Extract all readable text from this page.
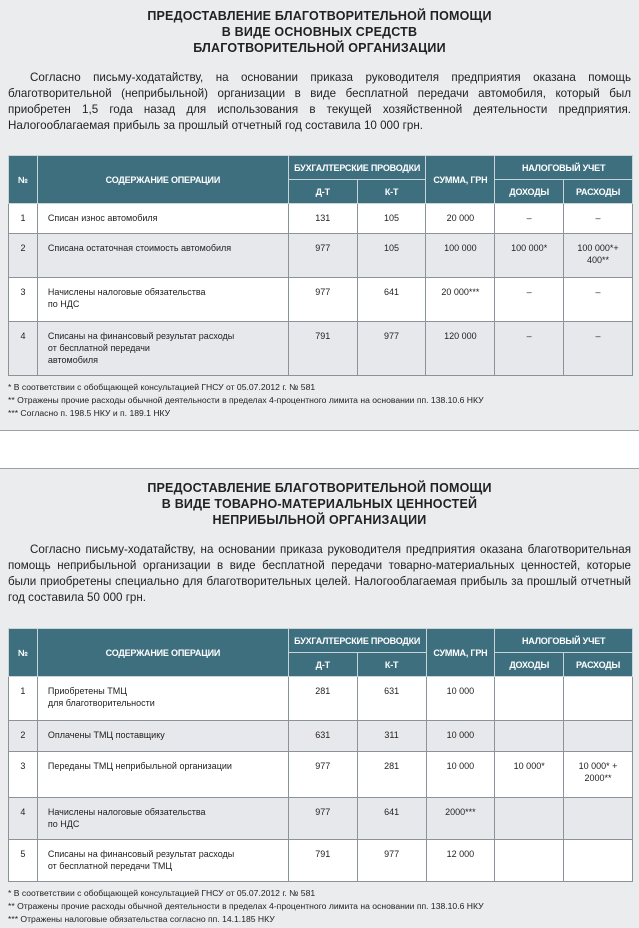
ПРЕДОСТАВЛЕНИЕ БЛАГОТВОРИТЕЛЬНОЙ ПОМОЩИ
В ВИДЕ ОСНОВНЫХ СРЕДСТВ
БЛАГОТВОРИТЕЛЬНОЙ ОРГАНИЗАЦИИ

Согласно письму-ходатайству, на основании приказа руководителя предприятия оказана помощь благотворительной (неприбыльной) организации в виде бесплатной передачи автомобиля, который был приобретен 1,5 года назад для использования в текущей хозяйственной деятельности предприятия. Налогооблагаемая прибыль за прошлый отчетный год составила 10 000 грн.

№	СОДЕРЖАНИЕ ОПЕРАЦИИ	БУХГАЛТЕРСКИЕ ПРОВОДКИ		СУММА, ГРН	НАЛОГОВЫЙ УЧЕТ	
		Д-Т	К-Т		ДОХОДЫ	РАСХОДЫ
1	Списан износ автомобиля	131	105	20 000	–	–
2	Списана остаточная стоимость автомобиля	977	105	100 000	100 000*	100 000*+
400**
3	Начислены налоговые обязательства
по НДС	977	641	20 000***	–	–
4	Списаны на финансовый результат расходы
от бесплатной передачи
автомобиля	791	977	120 000	–	–
* В соответствии с обобщающей консультацией ГНСУ от 05.07.2012 г. № 581
** Отражены прочие расходы обычной деятельности в пределах 4-процентного лимита на основании пп. 138.10.6 НКУ
*** Согласно п. 198.5 НКУ и п. 189.1 НКУ
ПРЕДОСТАВЛЕНИЕ БЛАГОТВОРИТЕЛЬНОЙ ПОМОЩИ
В ВИДЕ ТОВАРНО-МАТЕРИАЛЬНЫХ ЦЕННОСТЕЙ
НЕПРИБЫЛЬНОЙ ОРГАНИЗАЦИИ

Согласно письму-ходатайству, на основании приказа руководителя предприятия оказана благотворительная помощь неприбыльной организации в виде бесплатной передачи товарно-материальных ценностей, которые были приобретены специально для благотворительных целей. Налогооблагаемая прибыль за прошлый отчетный год составила 50 000 грн.

№	СОДЕРЖАНИЕ ОПЕРАЦИИ	БУХГАЛТЕРСКИЕ ПРОВОДКИ		СУММА, ГРН	НАЛОГОВЫЙ УЧЕТ	
		Д-Т	К-Т		ДОХОДЫ	РАСХОДЫ
1	Приобретены ТМЦ
для благотворительности	281	631	10 000		
2	Оплачены ТМЦ поставщику	631	311	10 000		
3	Переданы ТМЦ неприбыльной организации	977	281	10 000	10 000*	10 000* +
2000**
4	Начислены налоговые обязательства
по НДС	977	641	2000***		
5	Списаны на финансовый результат расходы
от бесплатной передачи ТМЦ	791	977	12 000		
* В соответствии с обобщающей консультацией ГНСУ от 05.07.2012 г. № 581
** Отражены прочие расходы обычной деятельности в пределах 4-процентного лимита на основании пп. 138.10.6 НКУ
*** Отражены налоговые обязательства согласно пп. 14.1.185 НКУ
